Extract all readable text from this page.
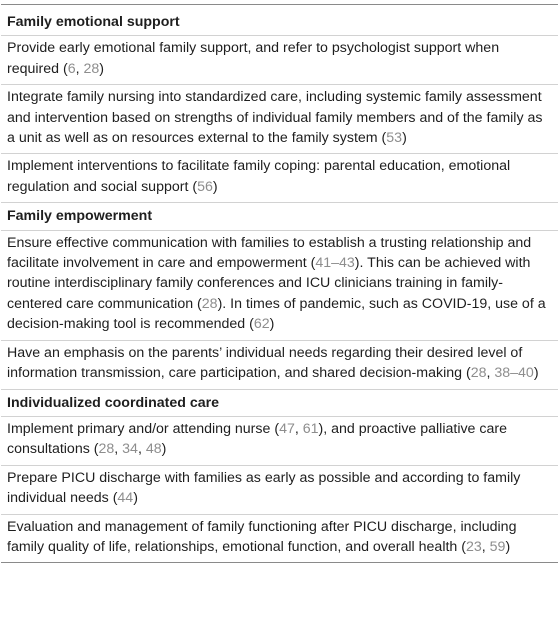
Family emotional support
Provide early emotional family support, and refer to psychologist support when required (6, 28)
Integrate family nursing into standardized care, including systemic family assessment and intervention based on strengths of individual family members and of the family as a unit as well as on resources external to the family system (53)
Implement interventions to facilitate family coping: parental education, emotional regulation and social support (56)
Family empowerment
Ensure effective communication with families to establish a trusting relationship and facilitate involvement in care and empowerment (41–43). This can be achieved with routine interdisciplinary family conferences and ICU clinicians training in family-centered care communication (28). In times of pandemic, such as COVID-19, use of a decision-making tool is recommended (62)
Have an emphasis on the parents’ individual needs regarding their desired level of information transmission, care participation, and shared decision-making (28, 38–40)
Individualized coordinated care
Implement primary and/or attending nurse (47, 61), and proactive palliative care consultations (28, 34, 48)
Prepare PICU discharge with families as early as possible and according to family individual needs (44)
Evaluation and management of family functioning after PICU discharge, including family quality of life, relationships, emotional function, and overall health (23, 59)
